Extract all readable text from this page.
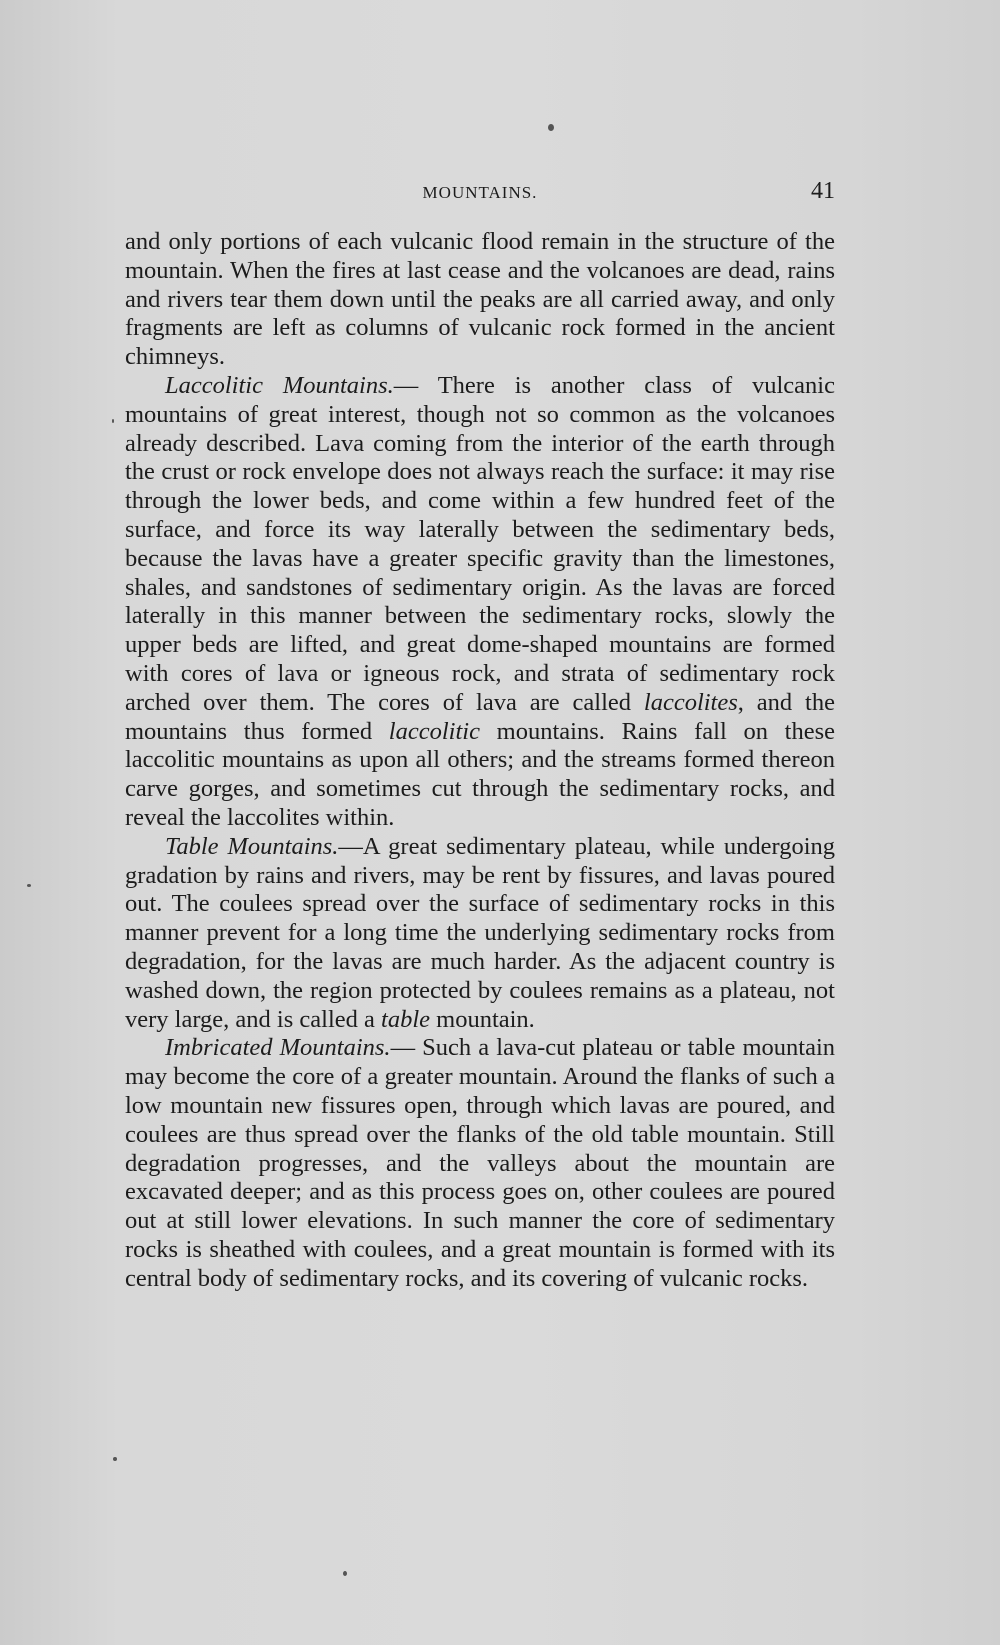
MOUNTAINS.	41

and only portions of each vulcanic flood remain in the structure of the mountain. When the fires at last cease and the volcanoes are dead, rains and rivers tear them down until the peaks are all carried away, and only fragments are left as columns of vulcanic rock formed in the ancient chimneys.

Laccolitic Mountains.— There is another class of vulcanic mountains of great interest, though not so common as the volcanoes already described. Lava coming from the interior of the earth through the crust or rock envelope does not always reach the surface: it may rise through the lower beds, and come within a few hundred feet of the surface, and force its way laterally between the sedimentary beds, because the lavas have a greater specific gravity than the limestones, shales, and sandstones of sedimentary origin. As the lavas are forced laterally in this manner between the sedimentary rocks, slowly the upper beds are lifted, and great dome-shaped mountains are formed with cores of lava or igneous rock, and strata of sedimentary rock arched over them. The cores of lava are called laccolites, and the mountains thus formed laccolitic mountains. Rains fall on these laccolitic mountains as upon all others; and the streams formed thereon carve gorges, and sometimes cut through the sedimentary rocks, and reveal the laccolites within.

Table Mountains.—A great sedimentary plateau, while undergoing gradation by rains and rivers, may be rent by fissures, and lavas poured out. The coulees spread over the surface of sedimentary rocks in this manner prevent for a long time the underlying sedimentary rocks from degradation, for the lavas are much harder. As the adjacent country is washed down, the region protected by coulees remains as a plateau, not very large, and is called a table mountain.

Imbricated Mountains.— Such a lava-cut plateau or table mountain may become the core of a greater mountain. Around the flanks of such a low mountain new fissures open, through which lavas are poured, and coulees are thus spread over the flanks of the old table mountain. Still degradation progresses, and the valleys about the mountain are excavated deeper; and as this process goes on, other coulees are poured out at still lower elevations. In such manner the core of sedimentary rocks is sheathed with coulees, and a great mountain is formed with its central body of sedimentary rocks, and its covering of vulcanic rocks.
